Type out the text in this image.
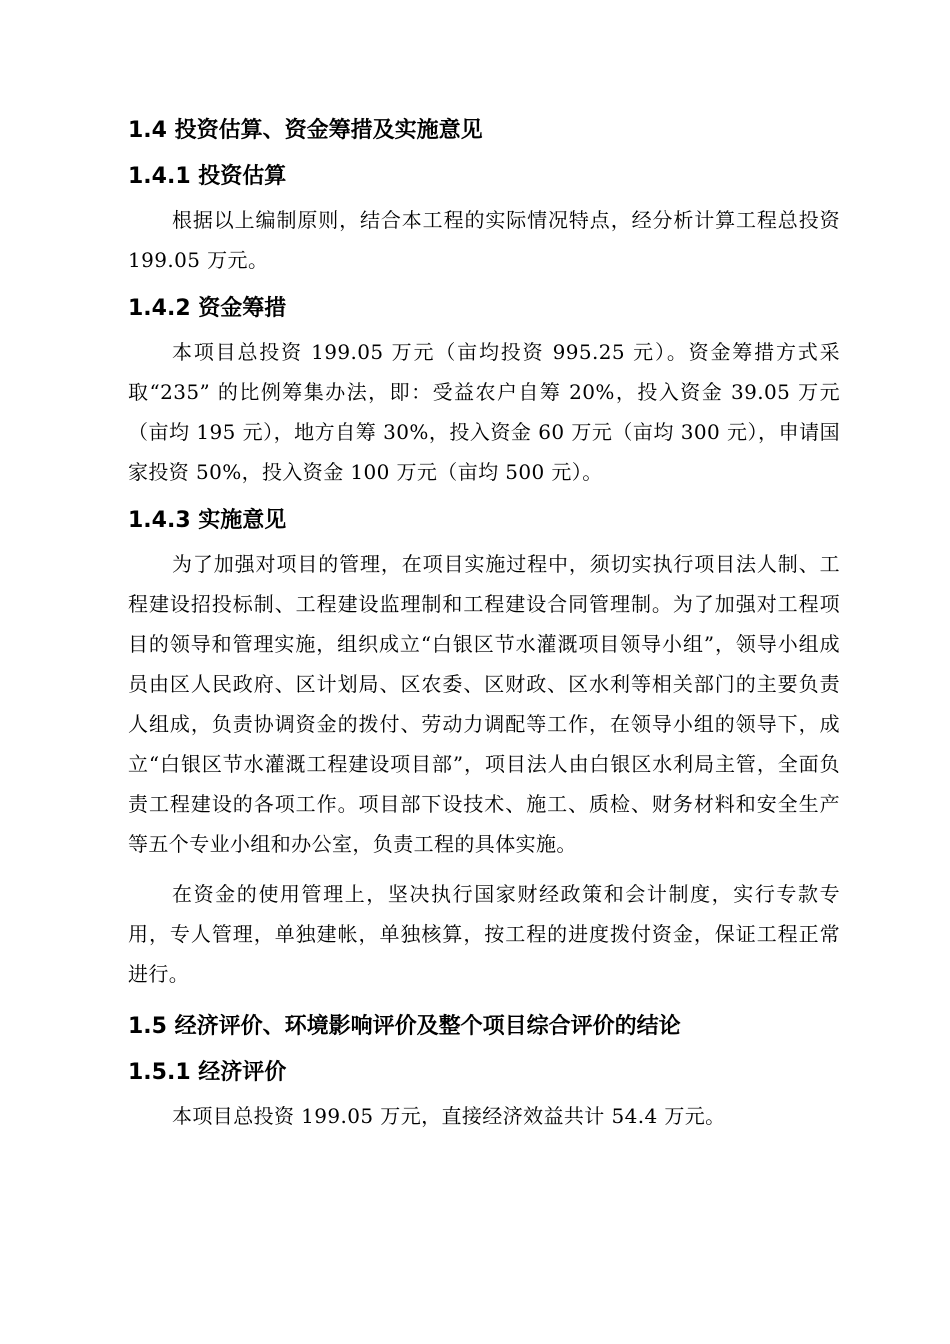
1.4 投资估算、资金筹措及实施意见
1.4.1 投资估算

根据以上编制原则，结合本工程的实际情况特点，经分析计算工程总投资 199.05 万元。

1.4.2 资金筹措

本项目总投资 199.05 万元（亩均投资 995.25 元）。资金筹措方式采取“235” 的比例筹集办法，即：受益农户自筹 20%，投入资金 39.05 万元（亩均 195 元），地方自筹 30%，投入资金 60 万元（亩均 300 元），申请国家投资 50%，投入资金 100 万元（亩均 500 元）。

1.4.3 实施意见

为了加强对项目的管理，在项目实施过程中，须切实执行项目法人制、工程建设招投标制、工程建设监理制和工程建设合同管理制。为了加强对工程项目的领导和管理实施，组织成立“白银区节水灌溉项目领导小组”，领导小组成员由区人民政府、区计划局、区农委、区财政、区水利等相关部门的主要负责人组成，负责协调资金的拨付、劳动力调配等工作，在领导小组的领导下，成立“白银区节水灌溉工程建设项目部”，项目法人由白银区水利局主管，全面负责工程建设的各项工作。项目部下设技术、施工、质检、财务材料和安全生产等五个专业小组和办公室，负责工程的具体实施。

在资金的使用管理上，坚决执行国家财经政策和会计制度，实行专款专用，专人管理，单独建帐，单独核算，按工程的进度拨付资金，保证工程正常进行。

1.5 经济评价、环境影响评价及整个项目综合评价的结论
1.5.1 经济评价

本项目总投资 199.05 万元，直接经济效益共计 54.4 万元。
